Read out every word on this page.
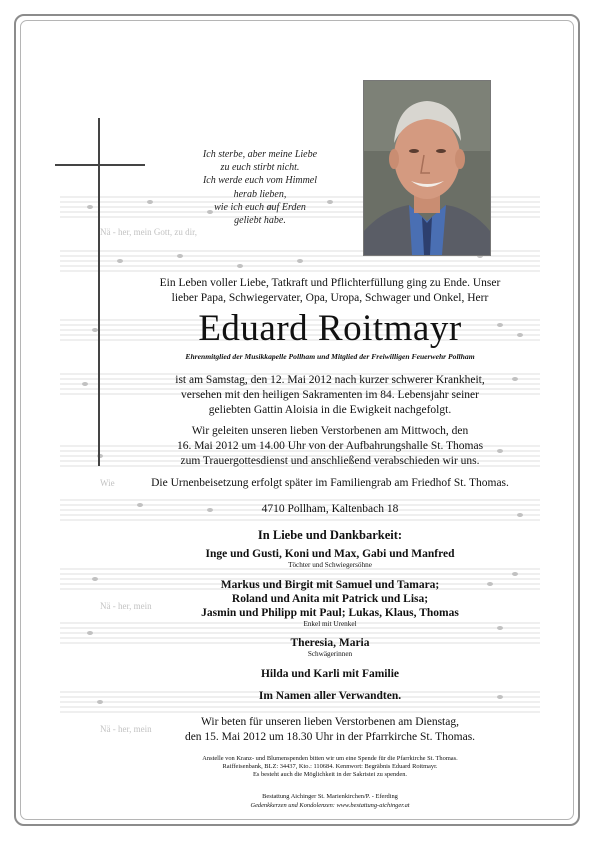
Nä - her, mein Gott, zu dir,
Wie
Nä - her, mein
Nä - her, mein
Ich sterbe, aber meine Liebe
zu euch stirbt nicht.
Ich werde euch vom Himmel
herab lieben,
wie ich euch auf Erden
geliebt habe.
Ein Leben voller Liebe, Tatkraft und Pflichterfüllung ging zu Ende. Unser
lieber Papa, Schwiegervater, Opa, Uropa, Schwager und Onkel, Herr
Eduard Roitmayr
Ehrenmitglied der Musikkapelle Pollham und Mitglied der Freiwilligen Feuerwehr Pollham
ist am Samstag, den 12. Mai 2012 nach kurzer schwerer Krankheit,
versehen mit den heiligen Sakramenten im 84. Lebensjahr seiner
geliebten Gattin Aloisia in die Ewigkeit nachgefolgt.
Wir geleiten unseren lieben Verstorbenen am Mittwoch, den
16. Mai 2012 um 14.00 Uhr von der Aufbahrungshalle St. Thomas
zum Trauergottesdienst und anschließend verabschieden wir uns.
Die Urnenbeisetzung erfolgt später im Familiengrab am Friedhof St. Thomas.
4710 Pollham, Kaltenbach 18
In Liebe und Dankbarkeit:
Inge und Gusti, Koni und Max, Gabi und Manfred
Töchter und Schwiegersöhne
Markus und Birgit mit Samuel und Tamara;
Roland und Anita mit Patrick und Lisa;
Jasmin und Philipp mit Paul; Lukas, Klaus, Thomas
Enkel mit Urenkel
Theresia, Maria
Schwägerinnen
Hilda und Karli mit Familie
Im Namen aller Verwandten.
Wir beten für unseren lieben Verstorbenen am Dienstag,
den 15. Mai 2012 um 18.30 Uhr in der Pfarrkirche St. Thomas.
Anstelle von Kranz- und Blumenspenden bitten wir um eine Spende für die Pfarrkirche St. Thomas.
Raiffeisenbank, BLZ: 34437, Kto.: 110684. Kennwort: Begräbnis Eduard Roitmayr.
Es besteht auch die Möglichkeit in der Sakristei zu spenden.
Bestattung Aichinger St. Marienkirchen/P. - Eferding
Gedenkkerzen und Kondolenzen: www.bestattung-aichinger.at
